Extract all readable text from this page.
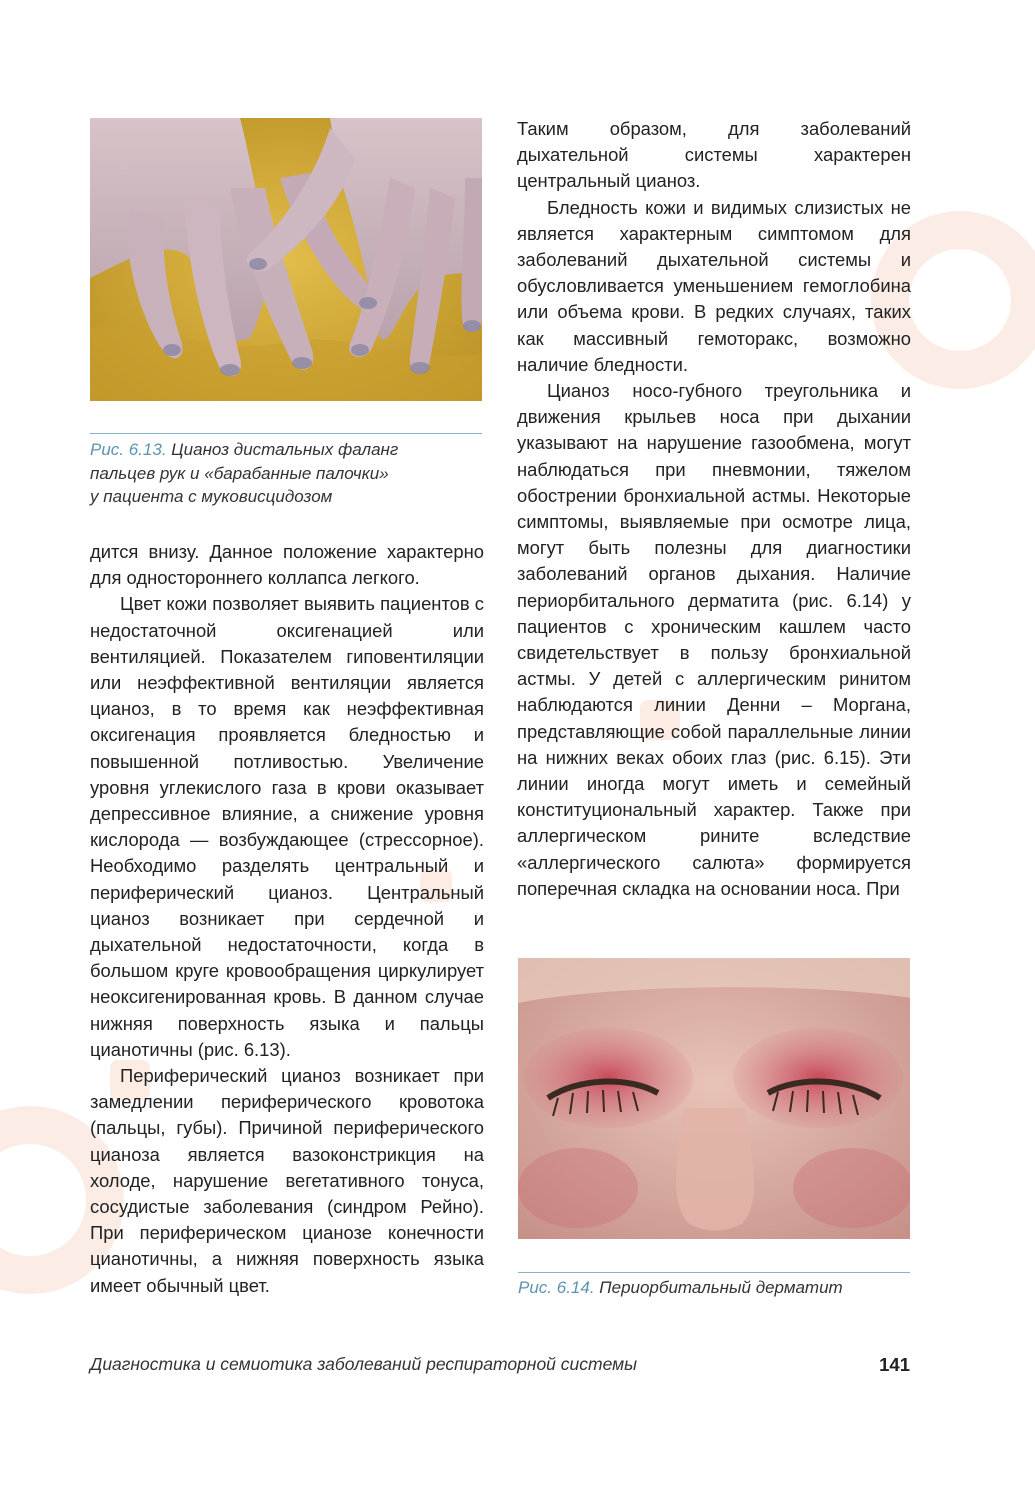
Рис. 6.13. Цианоз дистальных фаланг
пальцев рук и «барабанные палочки»
у пациента с муковисцидозом

дится внизу. Данное положение характерно для одностороннего коллапса легкого.

Цвет кожи позволяет выявить пациентов с недостаточной оксигенацией или вентиляцией. Показателем гиповентиляции или неэффективной вентиляции является цианоз, в то время как неэффективная оксигенация проявляется бледностью и повышенной потливостью. Увеличение уровня углекислого газа в крови оказывает депрессивное влияние, а снижение уровня кислорода — возбуждающее (стрессорное). Необходимо разделять центральный и периферический цианоз. Центральный цианоз возникает при сердечной и дыхательной недостаточности, когда в большом круге кровообращения циркулирует неоксигенированная кровь. В данном случае нижняя поверхность языка и пальцы цианотичны (рис. 6.13).

Периферический цианоз возникает при замедлении периферического кровотока (пальцы, губы). Причиной периферического цианоза является вазоконстрикция на холоде, нарушение вегетативного тонуса, сосудистые заболевания (синдром Рейно). При периферическом цианозе конечности цианотичны, а нижняя поверхность языка имеет обычный цвет.

Таким образом, для заболеваний дыхательной системы характерен центральный цианоз.

Бледность кожи и видимых слизистых не является характерным симптомом для заболеваний дыхательной системы и обусловливается уменьшением гемоглобина или объема крови. В редких случаях, таких как массивный гемоторакс, возможно наличие бледности.

Цианоз носо-губного треугольника и движения крыльев носа при дыхании указывают на нарушение газообмена, могут наблюдаться при пневмонии, тяжелом обострении бронхиальной астмы. Некоторые симптомы, выявляемые при осмотре лица, могут быть полезны для диагностики заболеваний органов дыхания. Наличие периорбитального дерматита (рис. 6.14) у пациентов с хроническим кашлем часто свидетельствует в пользу бронхиальной астмы. У детей с аллергическим ринитом наблюдаются линии Денни – Моргана, представляющие собой параллельные линии на нижних веках обоих глаз (рис. 6.15). Эти линии иногда могут иметь и семейный конституциональный характер. Также при аллергическом рините вследствие «аллергического салюта» формируется поперечная складка на основании носа. При

Рис. 6.14. Периорбитальный дерматит
Диагностика и семиотика заболеваний респираторной системы	141
